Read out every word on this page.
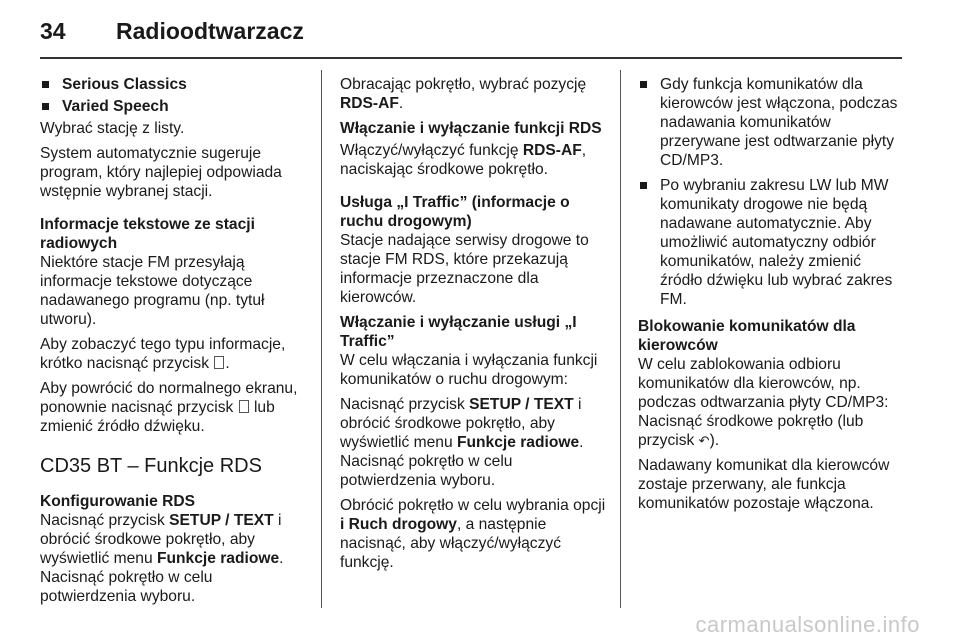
34 Radioodtwarzacz
Serious Classics
Varied Speech

Wybrać stację z listy.

System automatycznie sugeruje program, który najlepiej odpowiada wstępnie wybranej stacji.

Informacje tekstowe ze stacji radiowych

Niektóre stacje FM przesyłają informacje tekstowe dotyczące nadawanego programu (np. tytuł utworu).

Aby zobaczyć tego typu informacje, krótko nacisnąć przycisk .

Aby powrócić do normalnego ekranu, ponownie nacisnąć przycisk  lub zmienić źródło dźwięku.

CD35 BT – Funkcje RDS

Konfigurowanie RDS

Nacisnąć przycisk SETUP / TEXT i obrócić środkowe pokrętło, aby wyświetlić menu Funkcje radiowe. Nacisnąć pokrętło w celu potwierdzenia wyboru.

Obracając pokrętło, wybrać pozycję RDS-AF.

Włączanie i wyłączanie funkcji RDS

Włączyć/wyłączyć funkcję RDS-AF, naciskając środkowe pokrętło.

Usługa „I Traffic” (informacje o ruchu drogowym)

Stacje nadające serwisy drogowe to stacje FM RDS, które przekazują informacje przeznaczone dla kierowców.

Włączanie i wyłączanie usługi „I Traffic”

W celu włączania i wyłączania funkcji komunikatów o ruchu drogowym:

Nacisnąć przycisk SETUP / TEXT i obrócić środkowe pokrętło, aby wyświetlić menu Funkcje radiowe. Nacisnąć pokrętło w celu potwierdzenia wyboru.

Obrócić pokrętło w celu wybrania opcji i Ruch drogowy, a następnie nacisnąć, aby włączyć/wyłączyć funkcję.

Gdy funkcja komunikatów dla kierowców jest włączona, podczas nadawania komunikatów przerywane jest odtwarzanie płyty CD/MP3.
Po wybraniu zakresu LW lub MW komunikaty drogowe nie będą nadawane automatycznie. Aby umożliwić automatyczny odbiór komunikatów, należy zmienić źródło dźwięku lub wybrać zakres FM.

Blokowanie komunikatów dla kierowców

W celu zablokowania odbioru komunikatów dla kierowców, np. podczas odtwarzania płyty CD/MP3: Nacisnąć środkowe pokrętło (lub przycisk ↶).

Nadawany komunikat dla kierowców zostaje przerwany, ale funkcja komunikatów pozostaje włączona.

carmanualsonline.info
